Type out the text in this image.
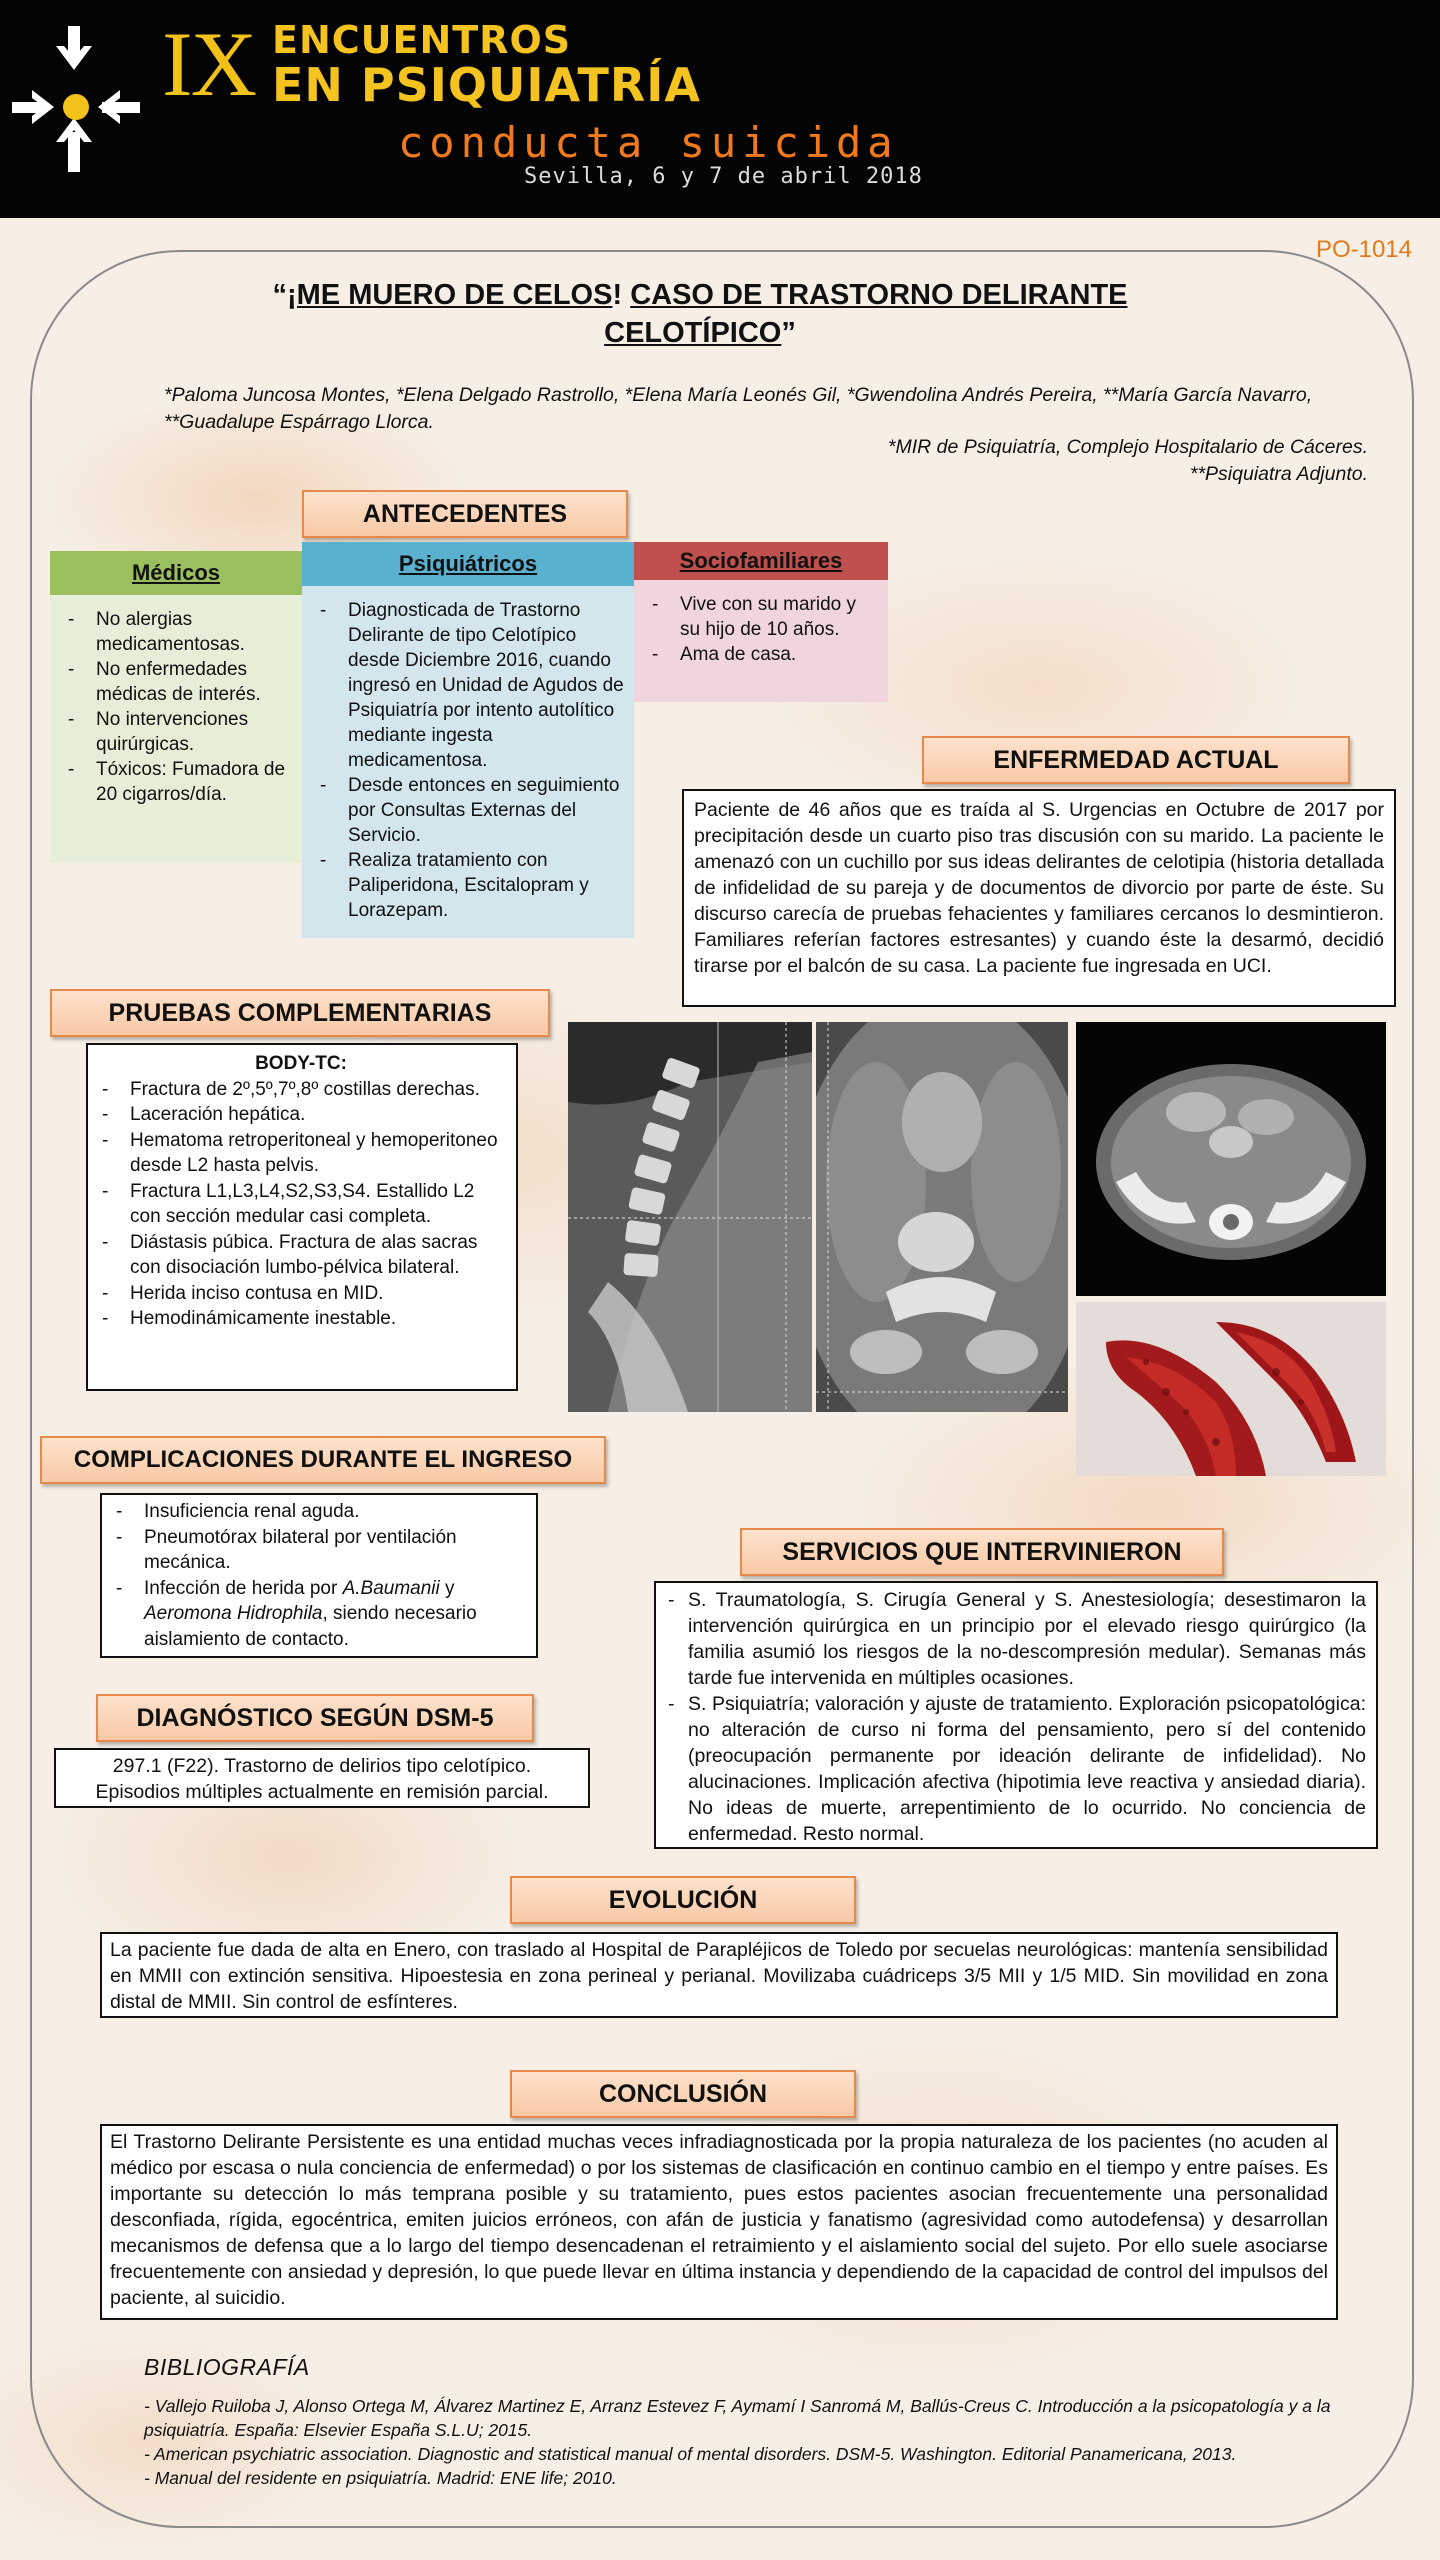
IX ENCUENTROS
EN PSIQUIATRÍA
conducta suicida
Sevilla, 6 y 7 de abril 2018
PO-1014
“¡ME MUERO DE CELOS! CASO DE TRASTORNO DELIRANTE CELOTÍPICO”
*Paloma Juncosa Montes, *Elena Delgado Rastrollo, *Elena María Leonés Gil, *Gwendolina Andrés Pereira, **María García Navarro, **Guadalupe Espárrago Llorca.
*MIR de Psiquiatría, Complejo Hospitalario de Cáceres.
**Psiquiatra Adjunto.
ANTECEDENTES
Médicos
- No alergias medicamentosas.
- No enfermedades médicas de interés.
- No intervenciones quirúrgicas.
- Tóxicos: Fumadora de 20 cigarros/día.
Psiquiátricos
- Diagnosticada de Trastorno Delirante de tipo Celotípico desde Diciembre 2016, cuando ingresó en Unidad de Agudos de Psiquiatría por intento autolítico mediante ingesta medicamentosa.
- Desde entonces en seguimiento por Consultas Externas del Servicio.
- Realiza tratamiento con Paliperidona, Escitalopram y Lorazepam.
Sociofamiliares
- Vive con su marido y su hijo de 10 años.
- Ama de casa.
ENFERMEDAD ACTUAL
Paciente de 46 años que es traída al S. Urgencias en Octubre de 2017 por precipitación desde un cuarto piso tras discusión con su marido. La paciente le amenazó con un cuchillo por sus ideas delirantes de celotipia (historia detallada de infidelidad de su pareja y de documentos de divorcio por parte de éste. Su discurso carecía de pruebas fehacientes y familiares cercanos lo desmintieron. Familiares referían factores estresantes) y cuando éste la desarmó, decidió tirarse por el balcón de su casa. La paciente fue ingresada en UCI.
PRUEBAS COMPLEMENTARIAS
BODY-TC:
- Fractura de 2º,5º,7º,8º costillas derechas.
- Laceración hepática.
- Hematoma retroperitoneal y hemoperitoneo desde L2 hasta pelvis.
- Fractura L1,L3,L4,S2,S3,S4. Estallido L2 con sección medular casi completa.
- Diástasis púbica. Fractura de alas sacras con disociación lumbo-pélvica bilateral.
- Herida inciso contusa en MID.
- Hemodinámicamente inestable.
COMPLICACIONES DURANTE EL INGRESO
- Insuficiencia renal aguda.
- Pneumotórax bilateral por ventilación mecánica.
- Infección de herida por A.Baumanii y Aeromona Hidrophila, siendo necesario aislamiento de contacto.
DIAGNÓSTICO SEGÚN DSM-5
297.1 (F22). Trastorno de delirios tipo celotípico.
Episodios múltiples actualmente en remisión parcial.
SERVICIOS QUE INTERVINIERON
- S. Traumatología, S. Cirugía General y S. Anestesiología; desestimaron la intervención quirúrgica en un principio por el elevado riesgo quirúrgico (la familia asumió los riesgos de la no-descompresión medular). Semanas más tarde fue intervenida en múltiples ocasiones.
- S. Psiquiatría; valoración y ajuste de tratamiento. Exploración psicopatológica: no alteración de curso ni forma del pensamiento, pero sí del contenido (preocupación permanente por ideación delirante de infidelidad). No alucinaciones. Implicación afectiva (hipotimia leve reactiva y ansiedad diaria). No ideas de muerte, arrepentimiento de lo ocurrido. No conciencia de enfermedad. Resto normal.
EVOLUCIÓN
La paciente fue dada de alta en Enero, con traslado al Hospital de Parapléjicos de Toledo por secuelas neurológicas: mantenía sensibilidad en MMII con extinción sensitiva. Hipoestesia en zona perineal y perianal. Movilizaba cuádriceps 3/5 MII y 1/5 MID. Sin movilidad en zona distal de MMII. Sin control de esfínteres.
CONCLUSIÓN
El Trastorno Delirante Persistente es una entidad muchas veces infradiagnosticada por la propia naturaleza de los pacientes (no acuden al médico por escasa o nula conciencia de enfermedad) o por los sistemas de clasificación en continuo cambio en el tiempo y entre países. Es importante su detección lo más temprana posible y su tratamiento, pues estos pacientes asocian frecuentemente una personalidad desconfiada, rígida, egocéntrica, emiten juicios erróneos, con afán de justicia y fanatismo (agresividad como autodefensa) y desarrollan mecanismos de defensa que a lo largo del tiempo desencadenan el retraimiento y el aislamiento social del sujeto. Por ello suele asociarse frecuentemente con ansiedad y depresión, lo que puede llevar en última instancia y dependiendo de la capacidad de control del impulsos del paciente, al suicidio.
BIBLIOGRAFÍA
- Vallejo Ruiloba J, Alonso Ortega M, Álvarez Martinez E, Arranz Estevez F, Aymamí I Sanromá M, Ballús-Creus C. Introducción a la psicopatología y a la psiquiatría. España: Elsevier España S.L.U; 2015.
- American psychiatric association. Diagnostic and statistical manual of mental disorders. DSM-5. Washington. Editorial Panamericana, 2013.
- Manual del residente en psiquiatría. Madrid: ENE life; 2010.
